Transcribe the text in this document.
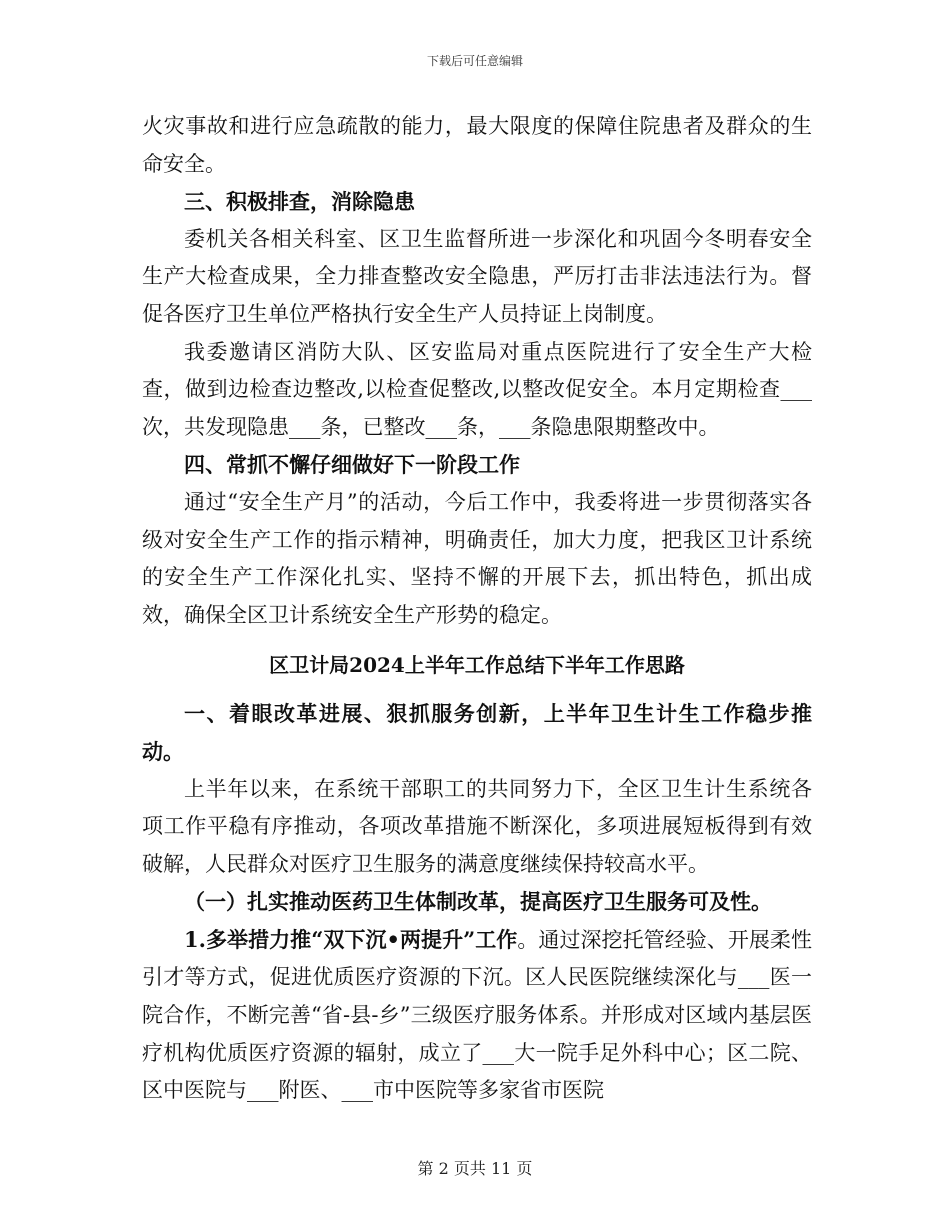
下载后可任意编辑

火灾事故和进行应急疏散的能力，最大限度的保障住院患者及群众的生命安全。

三、积极排查，消除隐患

委机关各相关科室、区卫生监督所进一步深化和巩固今冬明春安全生产大检查成果，全力排查整改安全隐患，严厉打击非法违法行为。督促各医疗卫生单位严格执行安全生产人员持证上岗制度。

我委邀请区消防大队、区安监局对重点医院进行了安全生产大检查，做到边检查边整改,以检查促整改,以整改促安全。本月定期检查___次，共发现隐患___条，已整改___条，___条隐患限期整改中。

四、常抓不懈仔细做好下一阶段工作

通过“安全生产月”的活动，今后工作中，我委将进一步贯彻落实各级对安全生产工作的指示精神，明确责任，加大力度，把我区卫计系统的安全生产工作深化扎实、坚持不懈的开展下去，抓出特色，抓出成效，确保全区卫计系统安全生产形势的稳定。

区卫计局2024上半年工作总结下半年工作思路

一、着眼改革进展、狠抓服务创新，上半年卫生计生工作稳步推动。

上半年以来，在系统干部职工的共同努力下，全区卫生计生系统各项工作平稳有序推动，各项改革措施不断深化，多项进展短板得到有效破解，人民群众对医疗卫生服务的满意度继续保持较高水平。

（一）扎实推动医药卫生体制改革，提高医疗卫生服务可及性。

1.多举措力推“双下沉•两提升”工作。通过深挖托管经验、开展柔性引才等方式，促进优质医疗资源的下沉。区人民医院继续深化与___医一院合作，不断完善“省-县-乡”三级医疗服务体系。并形成对区域内基层医疗机构优质医疗资源的辐射，成立了___大一院手足外科中心；区二院、区中医院与___附医、___市中医院等多家省市医院

第 2 页共 11 页
